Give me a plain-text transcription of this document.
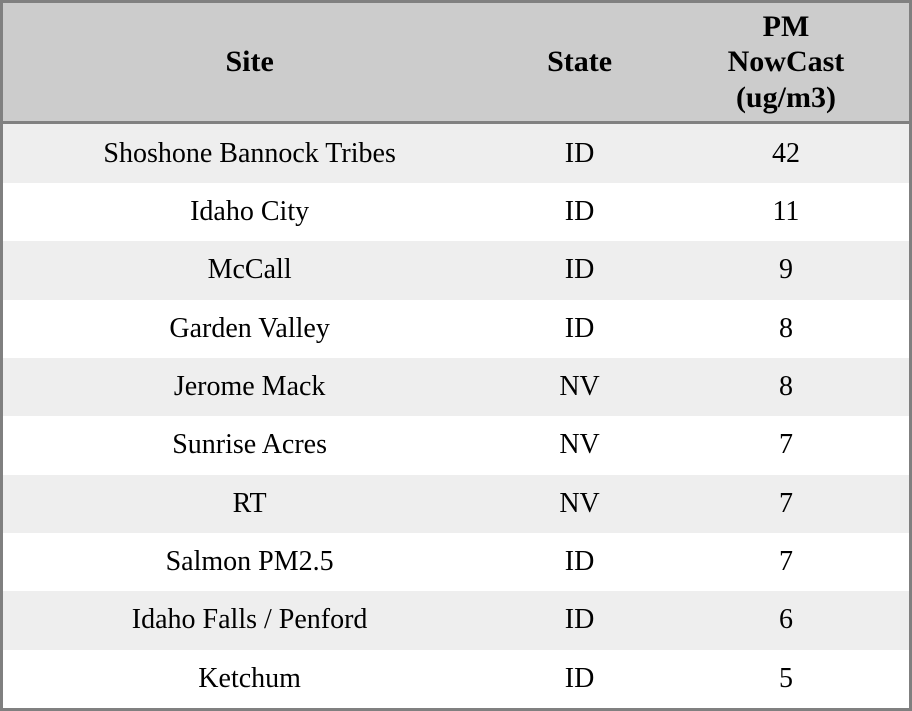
Site	State	PM
NowCast
(ug/m3)

Shoshone Bannock Tribes	ID	42
Idaho City	ID	11
McCall	ID	9
Garden Valley	ID	8
Jerome Mack	NV	8
Sunrise Acres	NV	7
RT	NV	7
Salmon PM2.5	ID	7
Idaho Falls / Penford	ID	6
Ketchum	ID	5
